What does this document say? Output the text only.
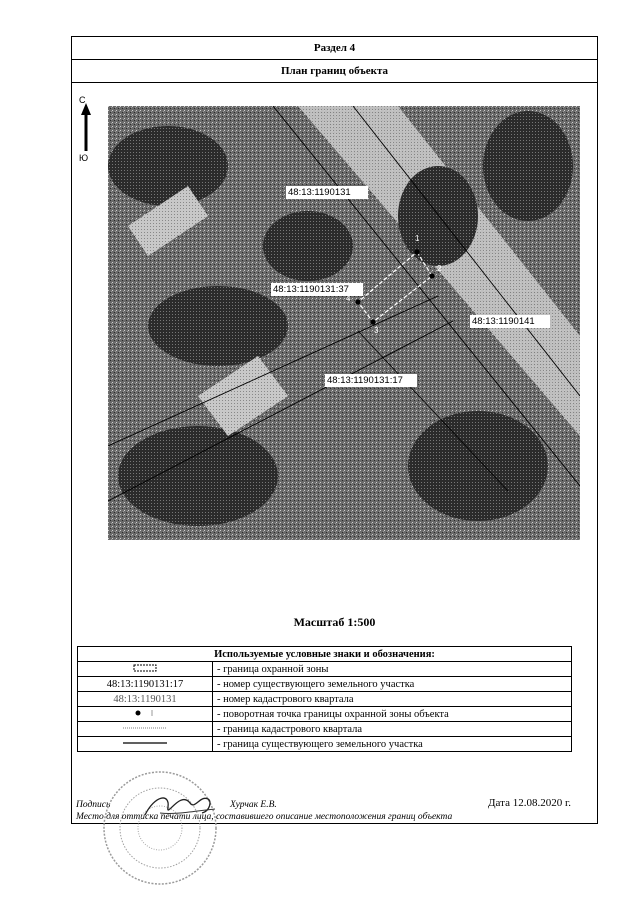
Раздел 4
План границ объекта
С
Ю
48:13:1190131
48:13:1190131:37
48:13:1190141
48:13:1190131:17
1
2
3
4
Масштаб 1:500
Используемые условные знаки и обозначения:	
	- граница охранной зоны
48:13:1190131:17	- номер существующего земельного участка
48:13:1190131	- номер кадастрового квартала
	- поворотная точка границы охранной зоны объекта
	- граница кадастрового квартала
	- граница существующего земельного участка
Подпись	Хурчак Е.В.	Дата 12.08.2020 г.
Место для оттиска печати лица, составившего описание местоположения границ объекта
